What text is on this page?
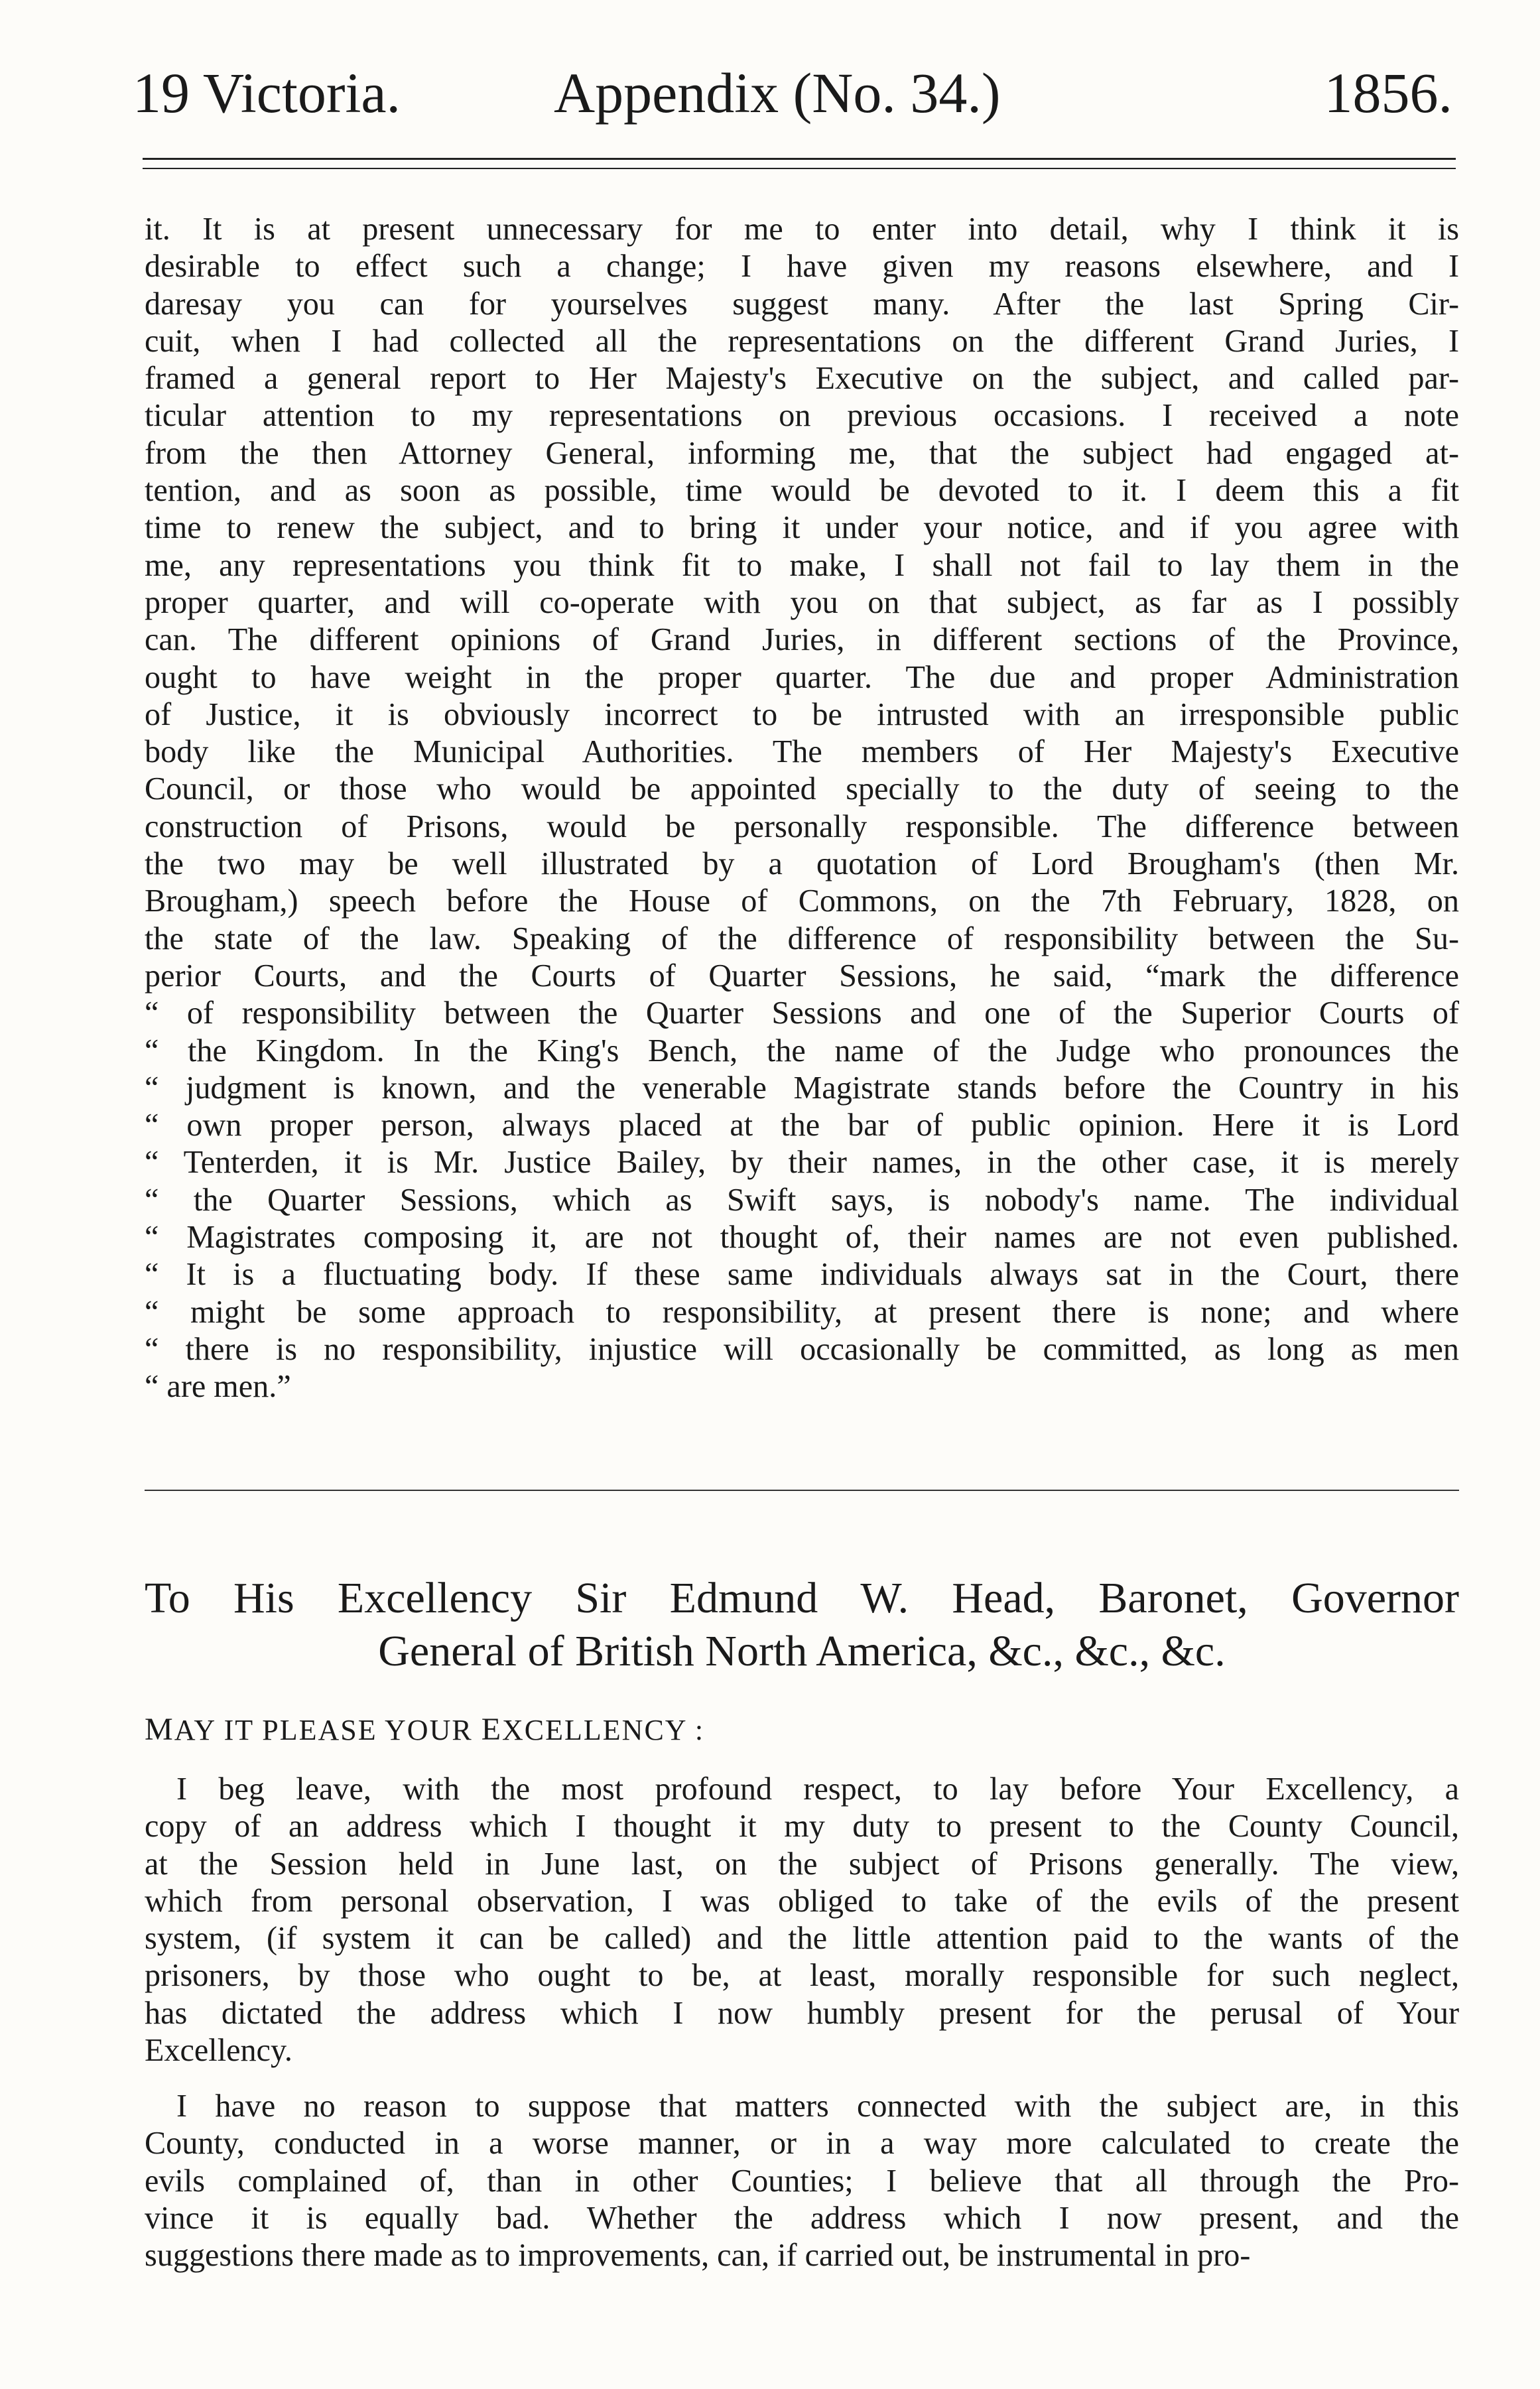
19 Victoria.	Appendix (No. 34.)	1856.
it. It is at present unnecessary for me to enter into detail, why I think it is
desirable to effect such a change; I have given my reasons elsewhere, and I
daresay you can for yourselves suggest many. After the last Spring Cir-
cuit, when I had collected all the representations on the different Grand Juries, I
framed a general report to Her Majesty's Executive on the subject, and called par-
ticular attention to my representations on previous occasions. I received a note
from the then Attorney General, informing me, that the subject had engaged at-
tention, and as soon as possible, time would be devoted to it. I deem this a fit
time to renew the subject, and to bring it under your notice, and if you agree with
me, any representations you think fit to make, I shall not fail to lay them in the
proper quarter, and will co-operate with you on that subject, as far as I possibly
can. The different opinions of Grand Juries, in different sections of the Province,
ought to have weight in the proper quarter. The due and proper Administration
of Justice, it is obviously incorrect to be intrusted with an irresponsible public
body like the Municipal Authorities. The members of Her Majesty's Executive
Council, or those who would be appointed specially to the duty of seeing to the
construction of Prisons, would be personally responsible. The difference between
the two may be well illustrated by a quotation of Lord Brougham's (then Mr.
Brougham,) speech before the House of Commons, on the 7th February, 1828, on
the state of the law. Speaking of the difference of responsibility between the Su-
perior Courts, and the Courts of Quarter Sessions, he said, “mark the difference
“ of responsibility between the Quarter Sessions and one of the Superior Courts of
“ the Kingdom. In the King's Bench, the name of the Judge who pronounces the
“ judgment is known, and the venerable Magistrate stands before the Country in his
“ own proper person, always placed at the bar of public opinion. Here it is Lord
“ Tenterden, it is Mr. Justice Bailey, by their names, in the other case, it is merely
“ the Quarter Sessions, which as Swift says, is nobody's name. The individual
“ Magistrates composing it, are not thought of, their names are not even published.
“ It is a fluctuating body. If these same individuals always sat in the Court, there
“ might be some approach to responsibility, at present there is none; and where
“ there is no responsibility, injustice will occasionally be committed, as long as men
“ are men.”
To His Excellency Sir Edmund W. Head, Baronet, Governor
General of British North America, &c., &c., &c.
MAY IT PLEASE YOUR EXCELLENCY :
I beg leave, with the most profound respect, to lay before Your Excellency, a
copy of an address which I thought it my duty to present to the County Council,
at the Session held in June last, on the subject of Prisons generally. The view,
which from personal observation, I was obliged to take of the evils of the present
system, (if system it can be called) and the little attention paid to the wants of the
prisoners, by those who ought to be, at least, morally responsible for such neglect,
has dictated the address which I now humbly present for the perusal of Your
Excellency.
I have no reason to suppose that matters connected with the subject are, in this
County, conducted in a worse manner, or in a way more calculated to create the
evils complained of, than in other Counties; I believe that all through the Pro-
vince it is equally bad. Whether the address which I now present, and the
suggestions there made as to improvements, can, if carried out, be instrumental in pro-
